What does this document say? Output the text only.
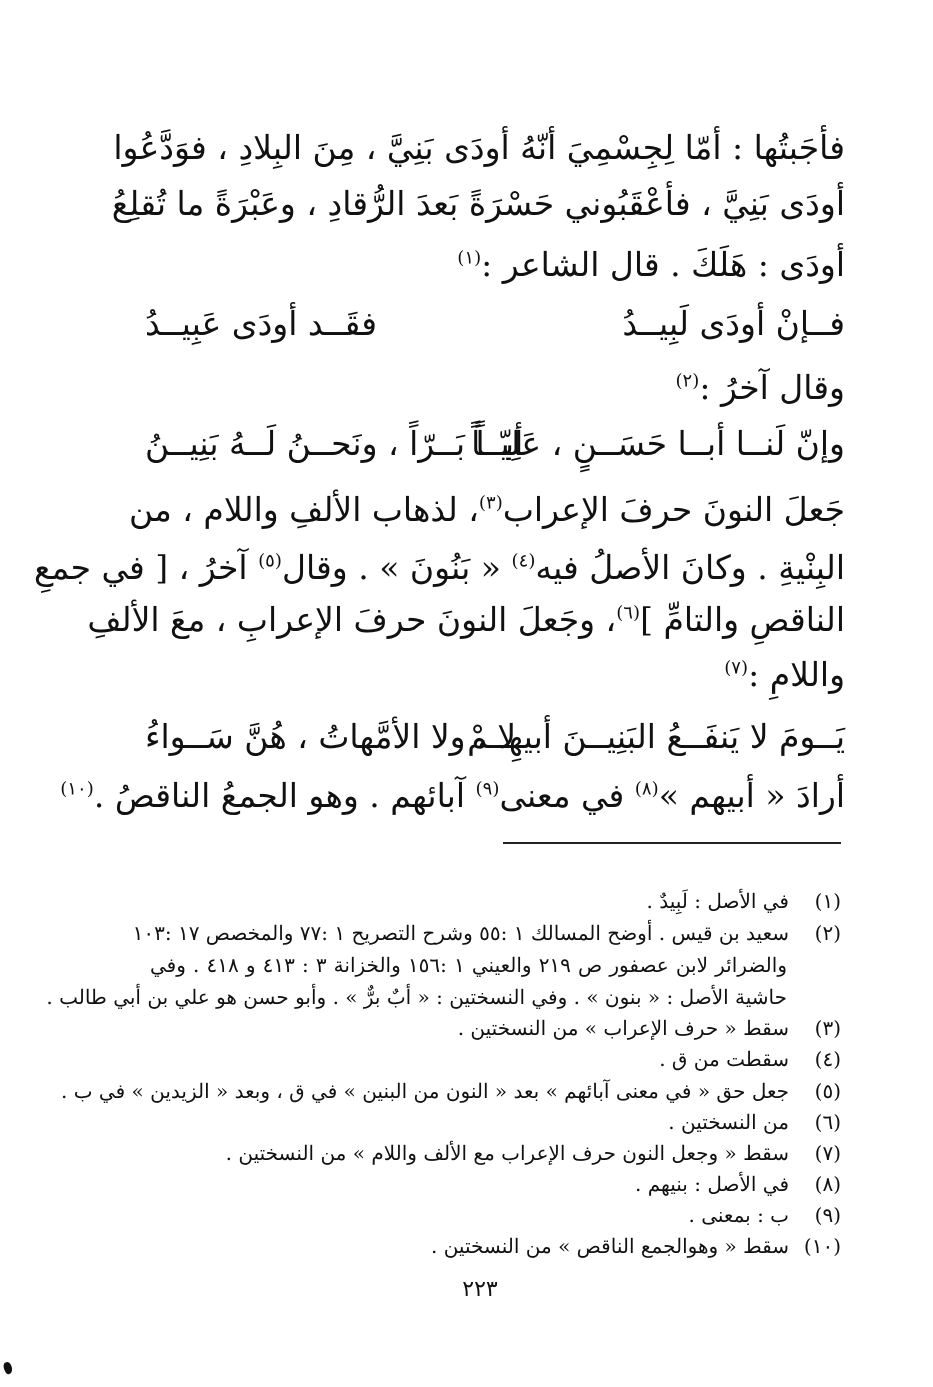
فأجَبتُها : أمّا لِجِسْمِيَ أنّهُ أودَى بَنِيَّ ، مِنَ البِلادِ ، فوَدَّعُوا
أودَى بَنِيَّ ، فأعْقَبُوني حَسْرَةً بَعدَ الرُّقادِ ، وعَبْرَةً ما تُقلِعُ
أودَى : هَلَكَ . قال الشاعر :$^{(١)}$
فــإنْ أودَى لَبِيــدُ
فقَــد أودَى عَبِيــدُ
وقال آخرُ :$^{(٢)}$
وإنّ لَنــا أبــا حَسَــنٍ ، عَلِيّــاً
أبــاً بَــرّاً ، ونَحــنُ لَــهُ بَنِيــنُ
جَعلَ النونَ حرفَ الإعراب$^{(٣)}$، لذهاب الألفِ واللام ، من
البِنْيةِ . وكانَ الأصلُ فيه$^{(٤)}$ « بَنُونَ » . وقال$^{(٥)}$ آخرُ ، [ في جمعِ
الناقصِ والتامِّ ]$^{(٦)}$، وجَعلَ النونَ حرفَ الإعرابِ ، معَ الألفِ
واللامِ :$^{(٧)}$
يَــومَ لا يَنفَــعُ البَنِيــنَ أبيهِــمْ
لا ، ولا الأمَّهاتُ ، هُنَّ سَــواءُ
أرادَ « أبيهم »$^{(٨)}$ في معنى$^{(٩)}$ آبائهم . وهو الجمعُ الناقصُ .$^{(١٠)}$
(١)في الأصل : لَبِيدٌ .
(٢)سعيد بن قيس . أوضح المسالك ١ :٥٥ وشرح التصريح ١ :٧٧ والمخصص ١٧ :١٠٣
والضرائر لابن عصفور ص ٢١٩ والعيني ١ :١٥٦ والخزانة ٣ : ٤١٣ و ٤١٨ . وفي
حاشية الأصل : « بنون » . وفي النسختين : « أبٌ برٌّ » . وأبو حسن هو علي بن أبي طالب .
(٣)سقط « حرف الإعراب » من النسختين .
(٤)سقطت من ق .
(٥)جعل حق « في معنى آبائهم » بعد « النون من البنين » في ق ، وبعد « الزيدين » في ب .
(٦)من النسختين .
(٧)سقط « وجعل النون حرف الإعراب مع الألف واللام » من النسختين .
(٨)في الأصل : بنيهم .
(٩)ب : بمعنى .
(١٠)سقط « وهوالجمع الناقص » من النسختين .
٢٢٣
